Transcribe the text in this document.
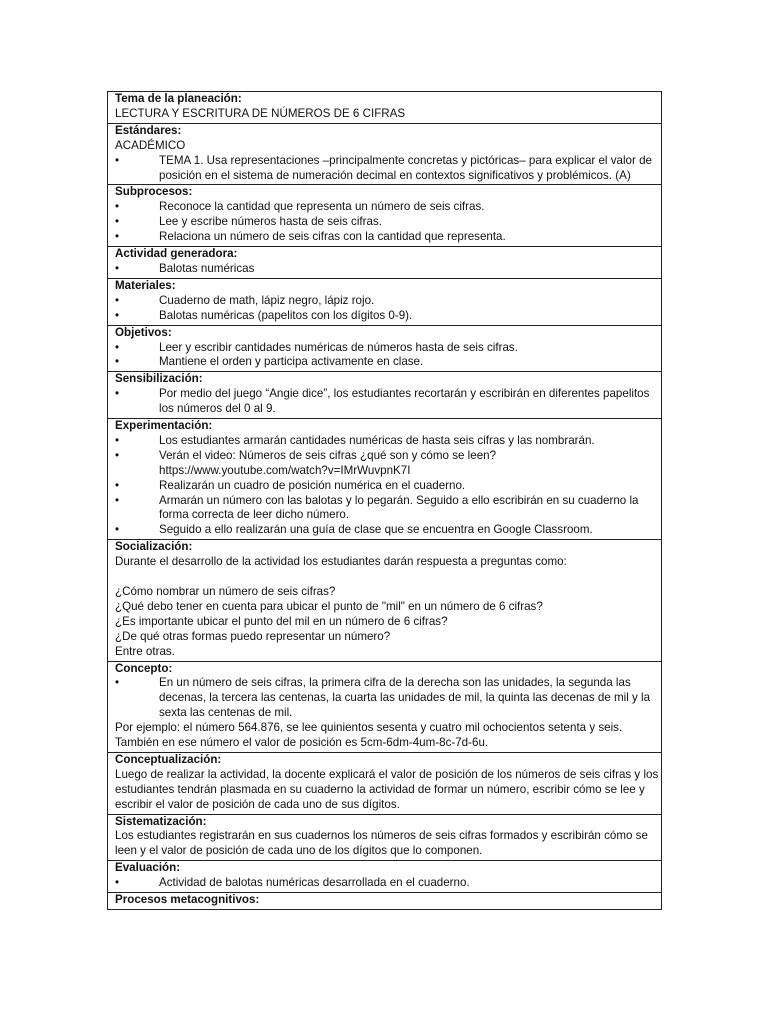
Tema de la planeación:
LECTURA Y ESCRITURA DE NÚMEROS DE 6 CIFRAS

Estándares:
ACADÉMICO
•	TEMA 1. Usa representaciones –principalmente concretas y pictóricas– para explicar el valor de posición en el sistema de numeración decimal en contextos significativos y problémicos. (A)

Subprocesos:
•	Reconoce la cantidad que representa un número de seis cifras.
•	Lee y escribe números hasta de seis cifras.
•	Relaciona un número de seis cifras con la cantidad que representa.

Actividad generadora:
•	Balotas numéricas

Materiales:
•	Cuaderno de math, lápiz negro, lápiz rojo.
•	Balotas numéricas (papelitos con los dígitos 0-9).

Objetivos:
•	Leer y escribir cantidades numéricas de números hasta de seis cifras.
•	Mantiene el orden y participa activamente en clase.

Sensibilización:
•	Por medio del juego “Angie dice”, los estudiantes recortarán y escribirán en diferentes papelitos los números del 0 al 9.

Experimentación:
•	Los estudiantes armarán cantidades numéricas de hasta seis cifras y las nombrarán.
•	Verán el video: Números de seis cifras ¿qué son y cómo se leen? https://www.youtube.com/watch?v=IMrWuvpnK7I
•	Realizarán un cuadro de posición numérica en el cuaderno.
•	Armarán un número con las balotas y lo pegarán. Seguido a ello escribirán en su cuaderno la forma correcta de leer dicho número.
•	Seguido a ello realizarán una guía de clase que se encuentra en Google Classroom.

Socialización:
Durante el desarrollo de la actividad los estudiantes darán respuesta a preguntas como:
¿Cómo nombrar un número de seis cifras?
¿Qué debo tener en cuenta para ubicar el punto de "mil" en un número de 6 cifras?
¿Es importante ubicar el punto del mil en un número de 6 cifras?
¿De qué otras formas puedo representar un número?
Entre otras.

Concepto:
•	En un número de seis cifras, la primera cifra de la derecha son las unidades, la segunda las decenas, la tercera las centenas, la cuarta las unidades de mil, la quinta las decenas de mil y la sexta las centenas de mil.
Por ejemplo: el número 564.876, se lee quinientos sesenta y cuatro mil ochocientos setenta y seis.
También en ese número el valor de posición es 5cm-6dm-4um-8c-7d-6u.

Conceptualización:
Luego de realizar la actividad, la docente explicará el valor de posición de los números de seis cifras y los estudiantes tendrán plasmada en su cuaderno la actividad de formar un número, escribir cómo se lee y escribir el valor de posición de cada uno de sus dígitos.

Sistematización:
Los estudiantes registrarán en sus cuadernos los números de seis cifras formados y escribirán cómo se leen y el valor de posición de cada uno de los dígitos que lo componen.

Evaluación:
•	Actividad de balotas numéricas desarrollada en el cuaderno.

Procesos metacognitivos:
